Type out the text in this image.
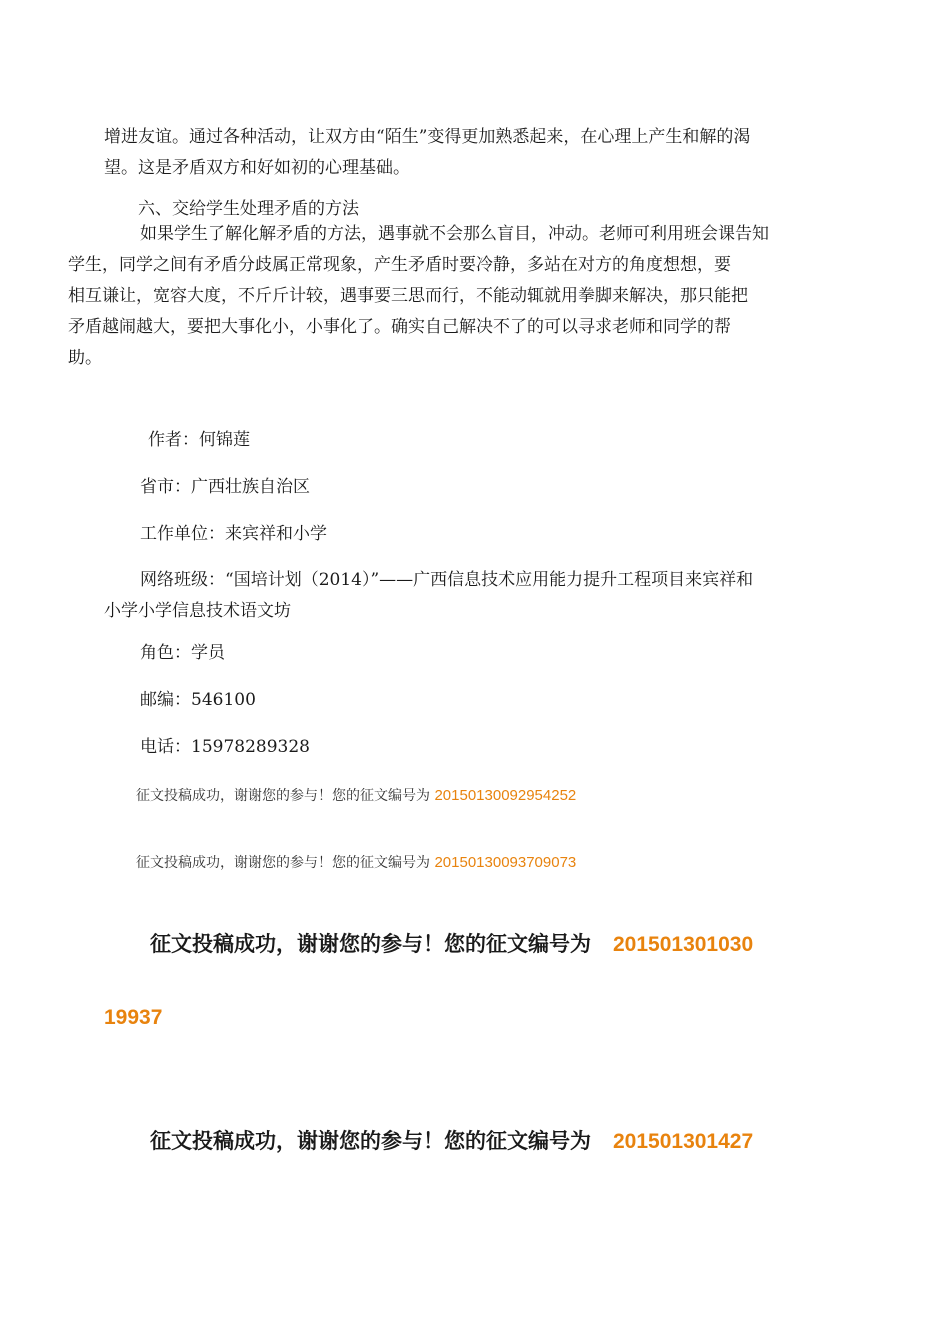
增进友谊。通过各种活动，让双方由“陌生”变得更加熟悉起来，在心理上产生和解的渴
望。这是矛盾双方和好如初的心理基础。

六、交给学生处理矛盾的方法

如果学生了解化解矛盾的方法，遇事就不会那么盲目，冲动。老师可利用班会课告知
学生，同学之间有矛盾分歧属正常现象，产生矛盾时要冷静，多站在对方的角度想想，要
相互谦让，宽容大度，不斤斤计较，遇事要三思而行，不能动辄就用拳脚来解决，那只能把
矛盾越闹越大，要把大事化小，小事化了。确实自己解决不了的可以寻求老师和同学的帮
助。

作者：何锦莲

省市：广西壮族自治区

工作单位：来宾祥和小学

网络班级：“国培计划（2014）”——广西信息技术应用能力提升工程项目来宾祥和
小学小学信息技术语文坊

角色：学员

邮编：546100

电话：15978289328

征文投稿成功，谢谢您的参与！您的征文编号为 20150130092954252

征文投稿成功，谢谢您的参与！您的征文编号为 20150130093709073

征文投稿成功，谢谢您的参与！您的征文编号为 201501301030
19937

征文投稿成功，谢谢您的参与！您的征文编号为 201501301427
